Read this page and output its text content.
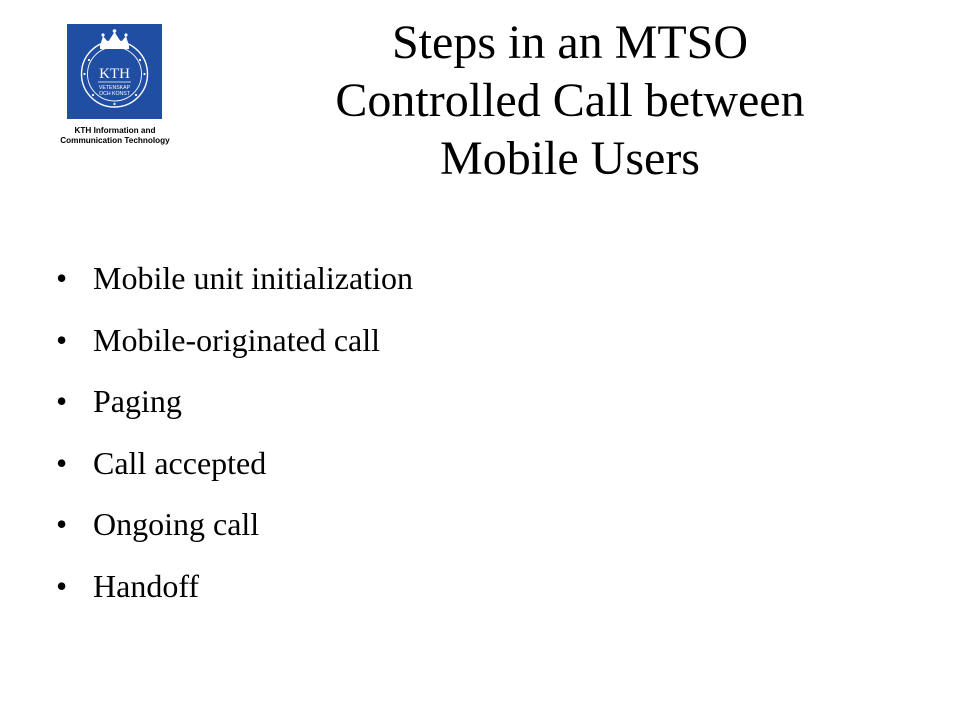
KTH
VETENSKAP
OCH KONST
KTH Information and
Communication Technology
Steps in an MTSO
Controlled Call between
Mobile Users
• Mobile unit initialization
• Mobile-originated call
• Paging
• Call accepted
• Ongoing call
• Handoff
